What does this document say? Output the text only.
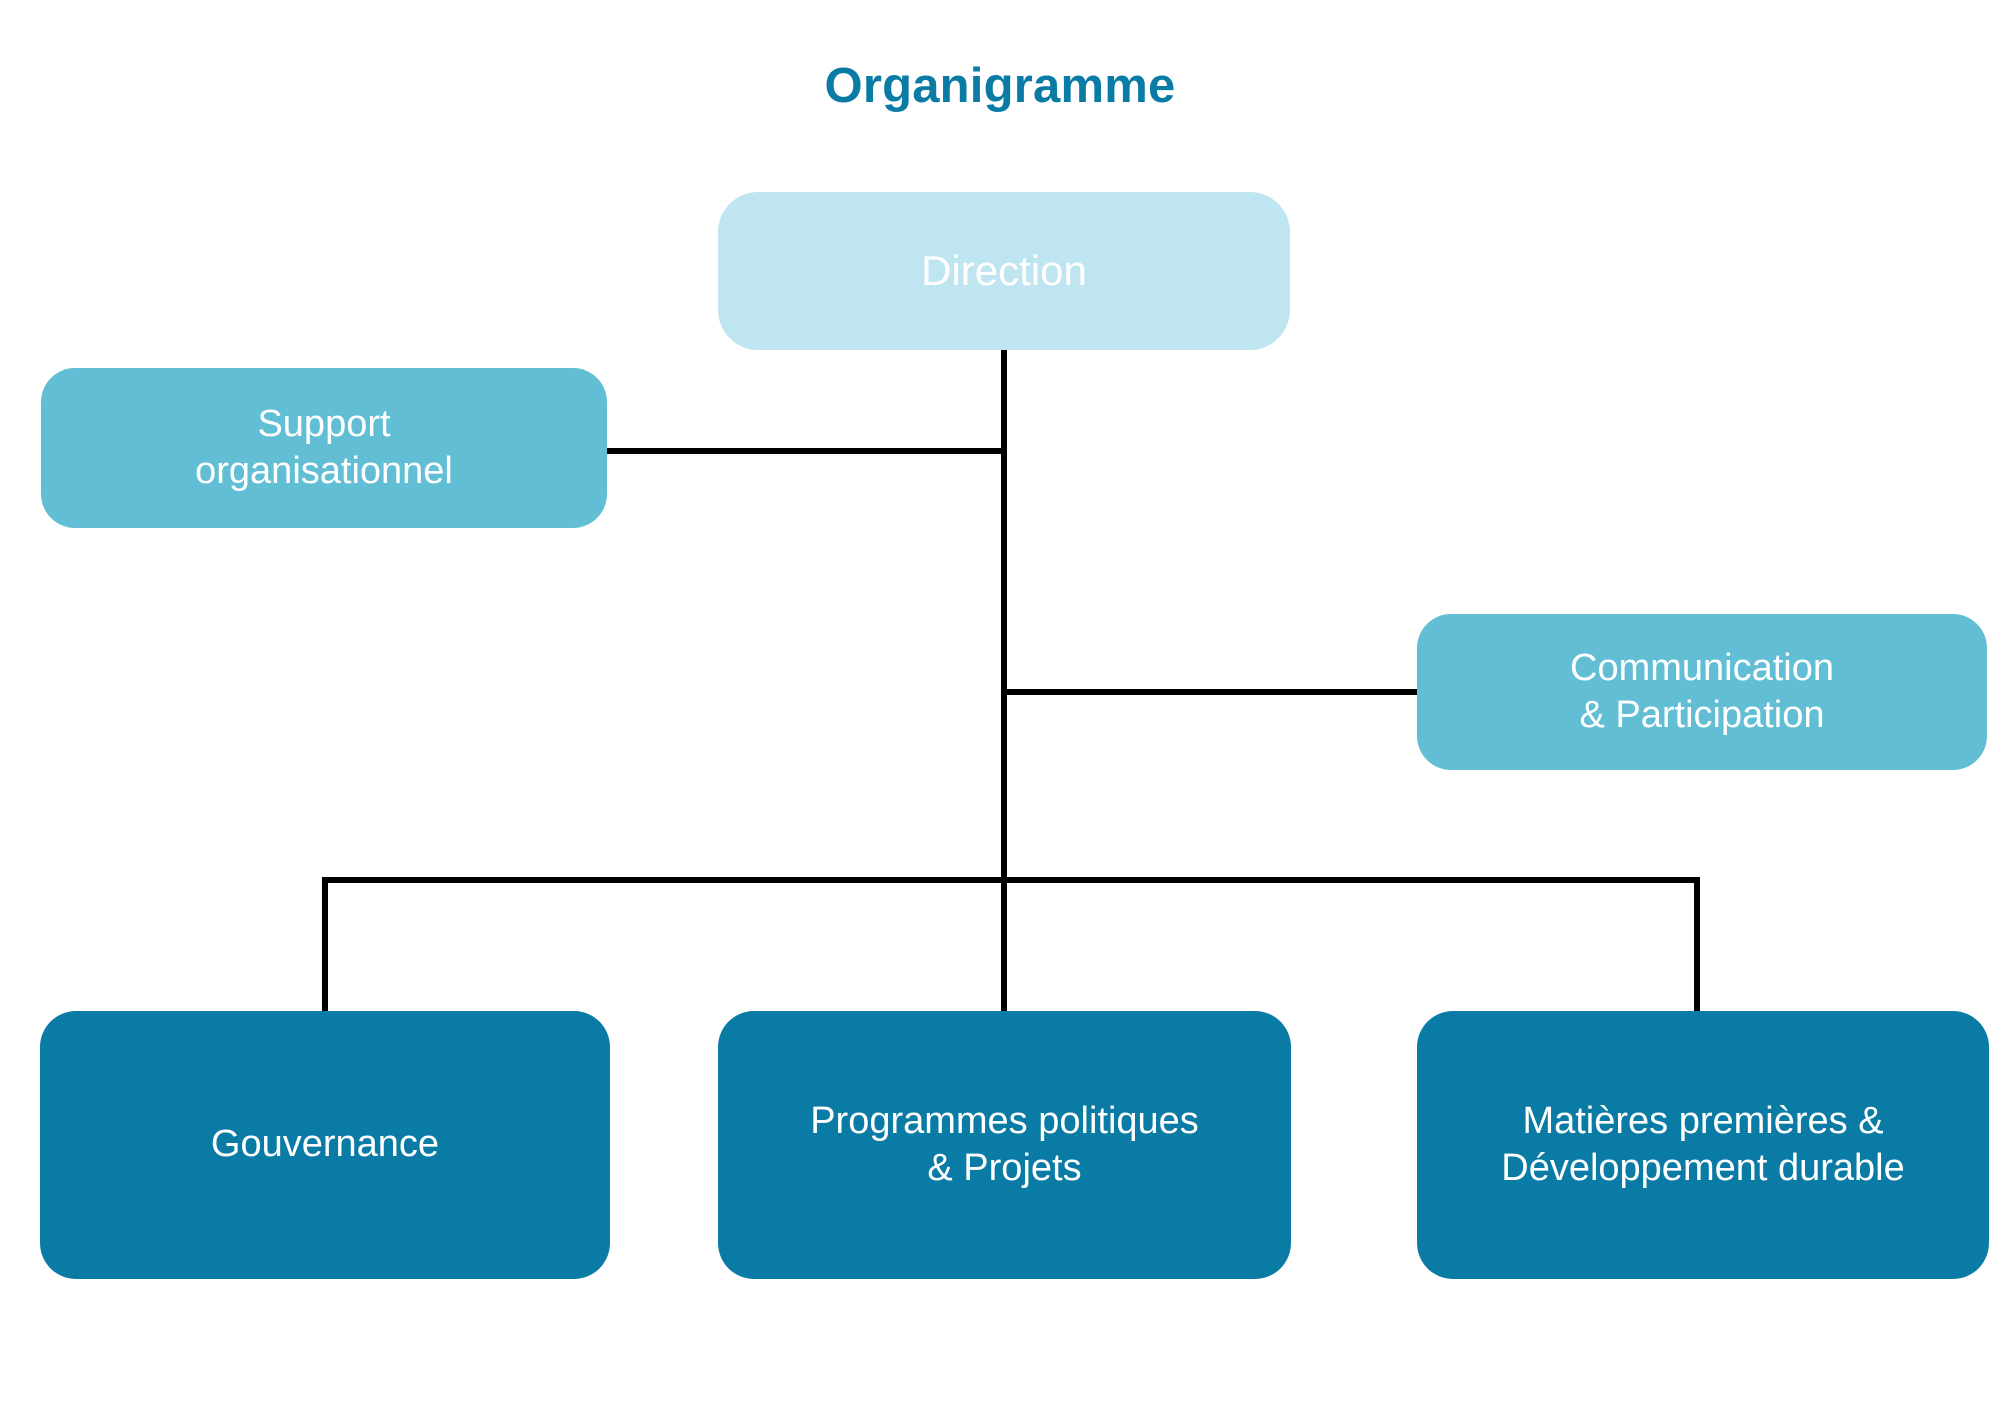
Organigramme
Direction
Support
organisationnel
Communication
& Participation
Gouvernance
Programmes politiques
& Projets
Matières premières &
Développement durable
